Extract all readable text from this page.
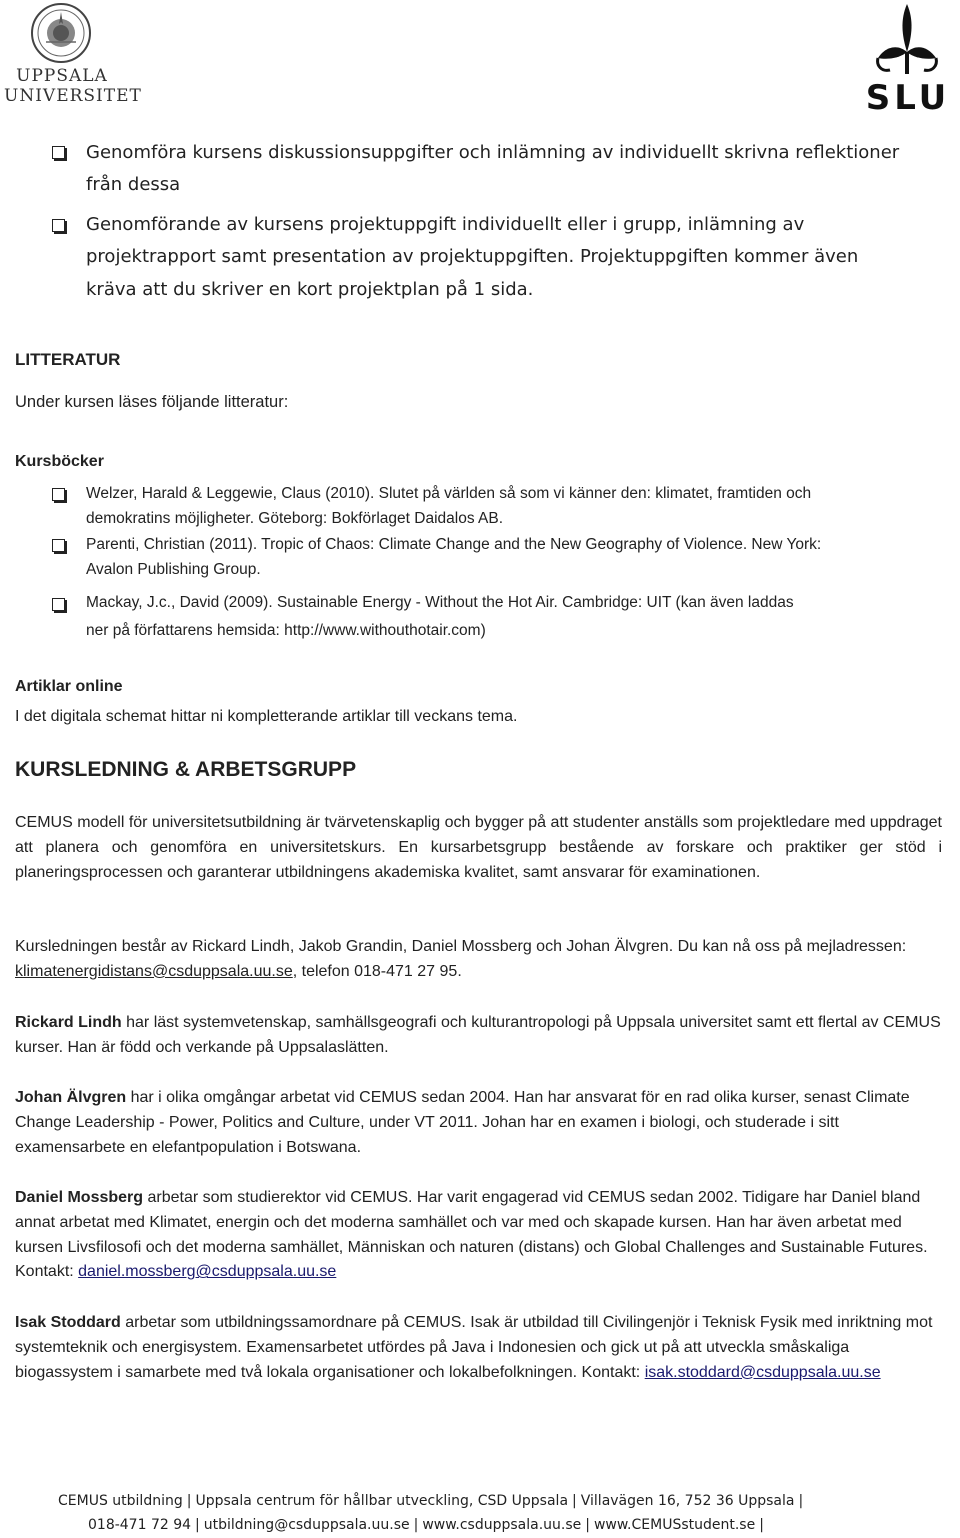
UPPSALA
UNIVERSITET	SLU
Genomföra kursens diskussionsuppgifter och inlämning av individuellt skrivna reflektioner
från dessa
Genomförande av kursens projektuppgift individuellt eller i grupp, inlämning av
projektrapport samt presentation av projektuppgiften. Projektuppgiften kommer även
kräva att du skriver en kort projektplan på 1 sida.
LITTERATUR
Under kursen läses följande litteratur:
Kursböcker
Welzer, Harald & Leggewie, Claus (2010). Slutet på världen så som vi känner den: klimatet, framtiden och
demokratins möjligheter. Göteborg: Bokförlaget Daidalos AB.
Parenti, Christian (2011). Tropic of Chaos: Climate Change and the New Geography of Violence. New York:
Avalon Publishing Group.
Mackay, J.c., David (2009). Sustainable Energy - Without the Hot Air. Cambridge: UIT (kan även laddas
ner på författarens hemsida: http://www.withouthotair.com)
Artiklar online
I det digitala schemat hittar ni kompletterande artiklar till veckans tema.
KURSLEDNING & ARBETSGRUPP
CEMUS modell för universitetsutbildning är tvärvetenskaplig och bygger på att studenter anställs som projektledare med uppdraget att planera och genomföra en universitetskurs. En kursarbetsgrupp bestående av forskare och praktiker ger stöd i planeringsprocessen och garanterar utbildningens akademiska kvalitet, samt ansvarar för examinationen.
Kursledningen består av Rickard Lindh, Jakob Grandin, Daniel Mossberg och Johan Älvgren. Du kan nå oss på mejladressen: klimatenergidistans@csduppsala.uu.se, telefon 018-471 27 95.
Rickard Lindh har läst systemvetenskap, samhällsgeografi och kulturantropologi på Uppsala universitet samt ett flertal av CEMUS kurser. Han är född och verkande på Uppsalaslätten.
Johan Älvgren har i olika omgångar arbetat vid CEMUS sedan 2004. Han har ansvarat för en rad olika kurser, senast Climate Change Leadership - Power, Politics and Culture, under VT 2011. Johan har en examen i biologi, och studerade i sitt examensarbete en elefantpopulation i Botswana.
Daniel Mossberg arbetar som studierektor vid CEMUS. Har varit engagerad vid CEMUS sedan 2002. Tidigare har Daniel bland annat arbetat med Klimatet, energin och det moderna samhället och var med och skapade kursen. Han har även arbetat med kursen Livsfilosofi och det moderna samhället, Människan och naturen (distans) och Global Challenges and Sustainable Futures. Kontakt: daniel.mossberg@csduppsala.uu.se
Isak Stoddard arbetar som utbildningssamordnare på CEMUS. Isak är utbildad till Civilingenjör i Teknisk Fysik med inriktning mot systemteknik och energisystem. Examensarbetet utfördes på Java i Indonesien och gick ut på att utveckla småskaliga biogassystem i samarbete med två lokala organisationer och lokalbefolkningen. Kontakt: isak.stoddard@csduppsala.uu.se
CEMUS utbildning | Uppsala centrum för hållbar utveckling, CSD Uppsala | Villavägen 16, 752 36 Uppsala |
018-471 72 94 | utbildning@csduppsala.uu.se | www.csduppsala.uu.se | www.CEMUSstudent.se |
